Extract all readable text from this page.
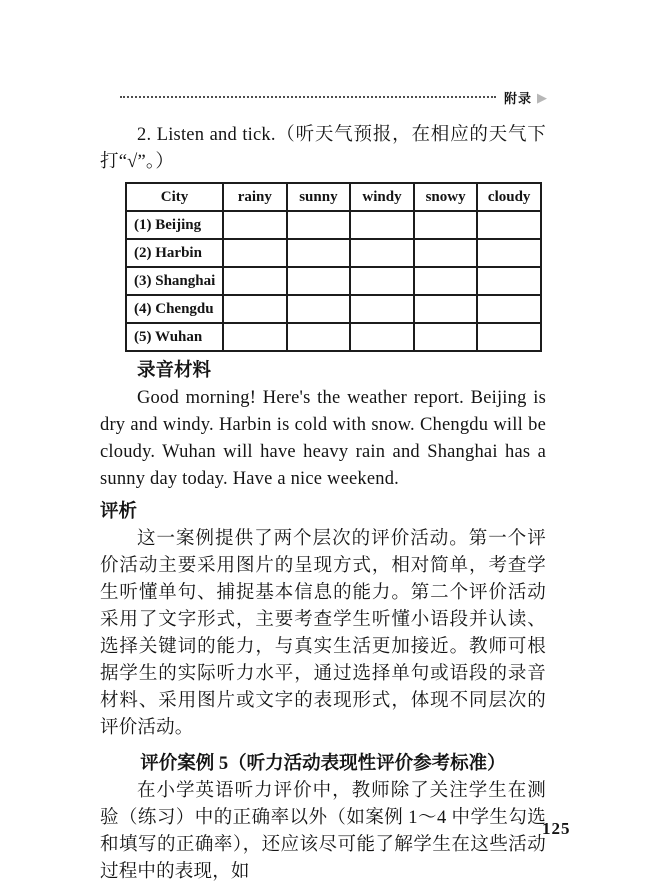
附录 ▶

2. Listen and tick.（听天气预报，在相应的天气下打“√”。）

City	rainy	sunny	windy	snowy	cloudy
(1) Beijing					
(2) Harbin					
(3) Shanghai					
(4) Chengdu					
(5) Wuhan					

录音材料

Good morning! Here's the weather report. Beijing is dry and windy. Harbin is cold with snow. Chengdu will be cloudy. Wuhan will have heavy rain and Shanghai has a sunny day today. Have a nice weekend.

评析

这一案例提供了两个层次的评价活动。第一个评价活动主要采用图片的呈现方式，相对简单，考查学生听懂单句、捕捉基本信息的能力。第二个评价活动采用了文字形式，主要考查学生听懂小语段并认读、选择关键词的能力，与真实生活更加接近。教师可根据学生的实际听力水平，通过选择单句或语段的录音材料、采用图片或文字的表现形式，体现不同层次的评价活动。

评价案例 5（听力活动表现性评价参考标准）

在小学英语听力评价中，教师除了关注学生在测验（练习）中的正确率以外（如案例 1～4 中学生勾选和填写的正确率），还应该尽可能了解学生在这些活动过程中的表现，如

125
